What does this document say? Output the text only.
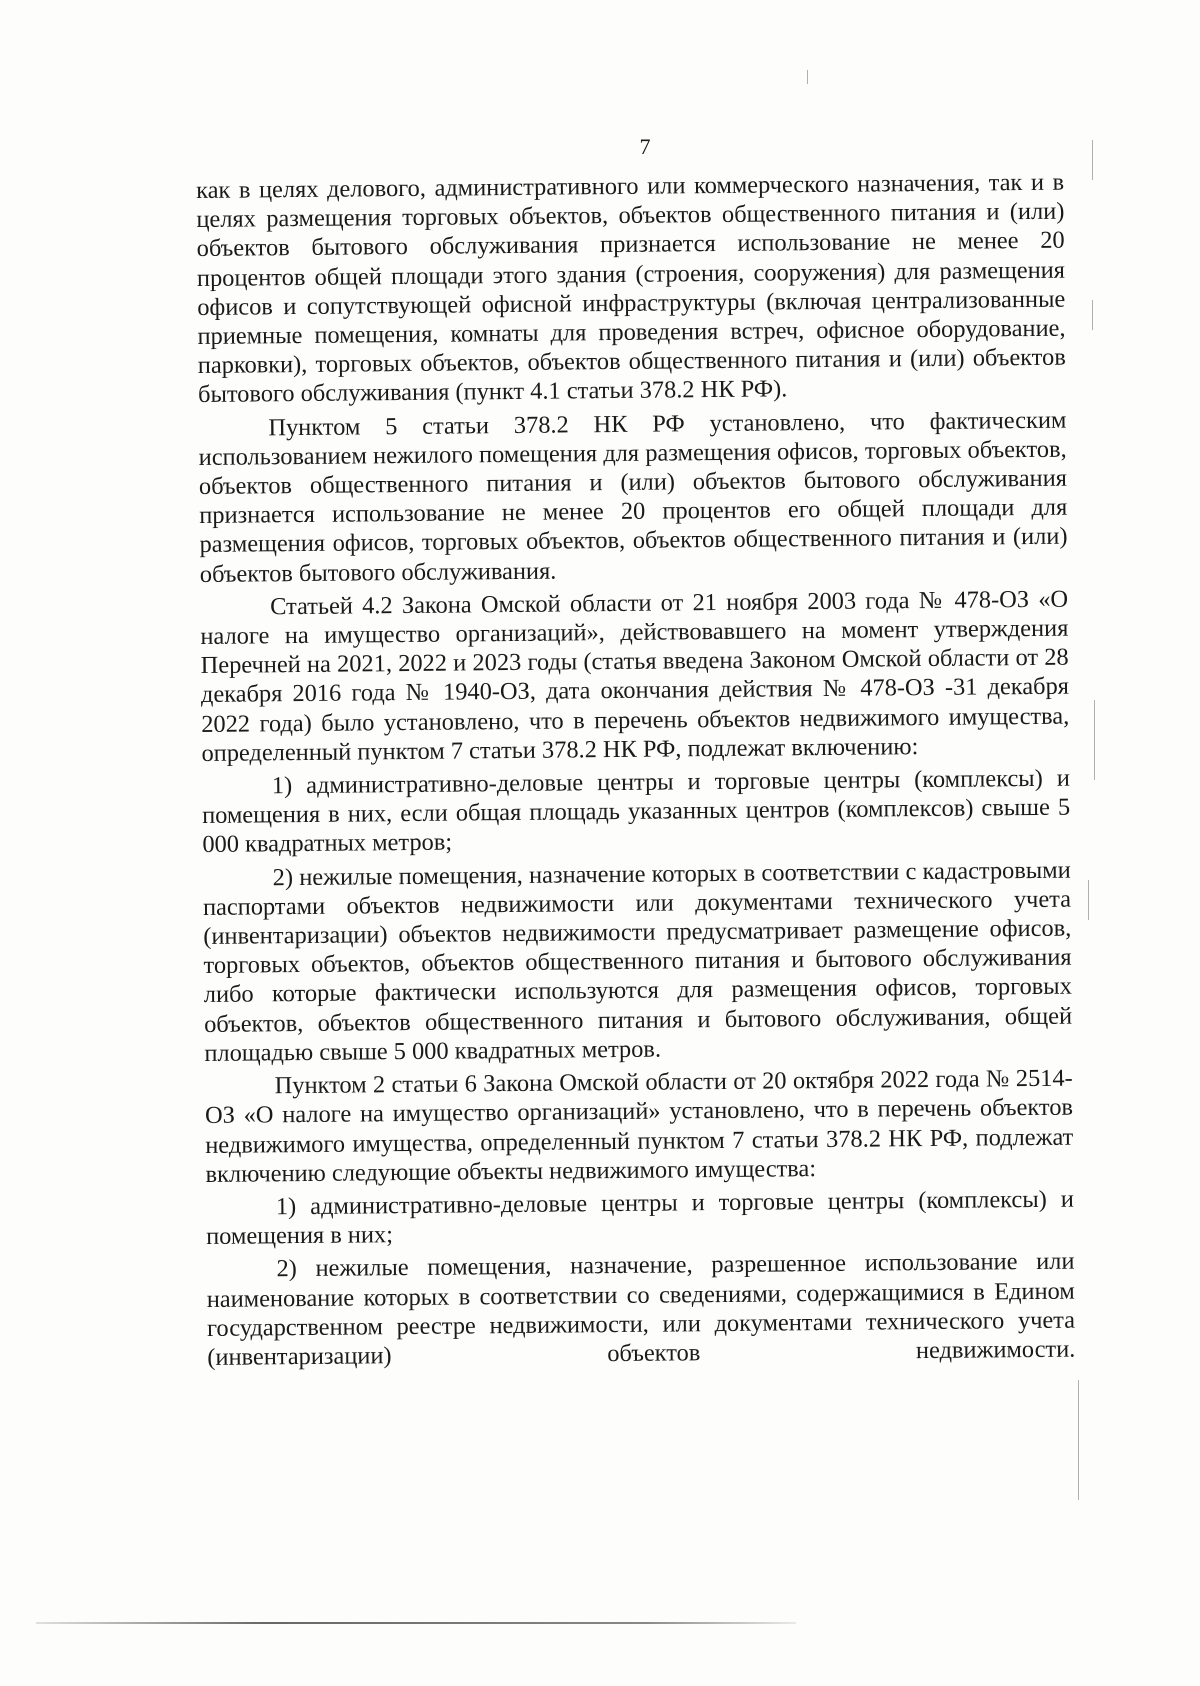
7

как в целях делового, административного или коммерческого назначения, так и в целях размещения торговых объектов, объектов общественного питания и (или) объектов бытового обслуживания признается использование не менее 20 процентов общей площади этого здания (строения, сооружения) для размещения офисов и сопутствующей офисной инфраструктуры (включая централизованные приемные помещения, комнаты для проведения встреч, офисное оборудование, парковки), торговых объектов, объектов общественного питания и (или) объектов бытового обслуживания (пункт 4.1 статьи 378.2 НК РФ).

Пунктом 5 статьи 378.2 НК РФ установлено, что фактическим использованием нежилого помещения для размещения офисов, торговых объектов, объектов общественного питания и (или) объектов бытового обслуживания признается использование не менее 20 процентов его общей площади для размещения офисов, торговых объектов, объектов общественного питания и (или) объектов бытового обслуживания.

Статьей 4.2 Закона Омской области от 21 ноября 2003 года № 478-ОЗ «О налоге на имущество организаций», действовавшего на момент утверждения Перечней на 2021, 2022 и 2023 годы (статья введена Законом Омской области от 28 декабря 2016 года № 1940-ОЗ, дата окончания действия № 478-ОЗ -31 декабря 2022 года) было установлено, что в перечень объектов недвижимого имущества, определенный пунктом 7 статьи 378.2 НК РФ, подлежат включению:

1) административно-деловые центры и торговые центры (комплексы) и помещения в них, если общая площадь указанных центров (комплексов) свыше 5 000 квадратных метров;

2) нежилые помещения, назначение которых в соответствии с кадастровыми паспортами объектов недвижимости или документами технического учета (инвентаризации) объектов недвижимости предусматривает размещение офисов, торговых объектов, объектов общественного питания и бытового обслуживания либо которые фактически используются для размещения офисов, торговых объектов, объектов общественного питания и бытового обслуживания, общей площадью свыше 5 000 квадратных метров.

Пунктом 2 статьи 6 Закона Омской области от 20 октября 2022 года № 2514-ОЗ «О налоге на имущество организаций» установлено, что в перечень объектов недвижимого имущества, определенный пунктом 7 статьи 378.2 НК РФ, подлежат включению следующие объекты недвижимого имущества:

1) административно-деловые центры и торговые центры (комплексы) и помещения в них;

2) нежилые помещения, назначение, разрешенное использование или наименование которых в соответствии со сведениями, содержащимися в Едином государственном реестре недвижимости, или документами технического учета (инвентаризации) объектов недвижимости.
